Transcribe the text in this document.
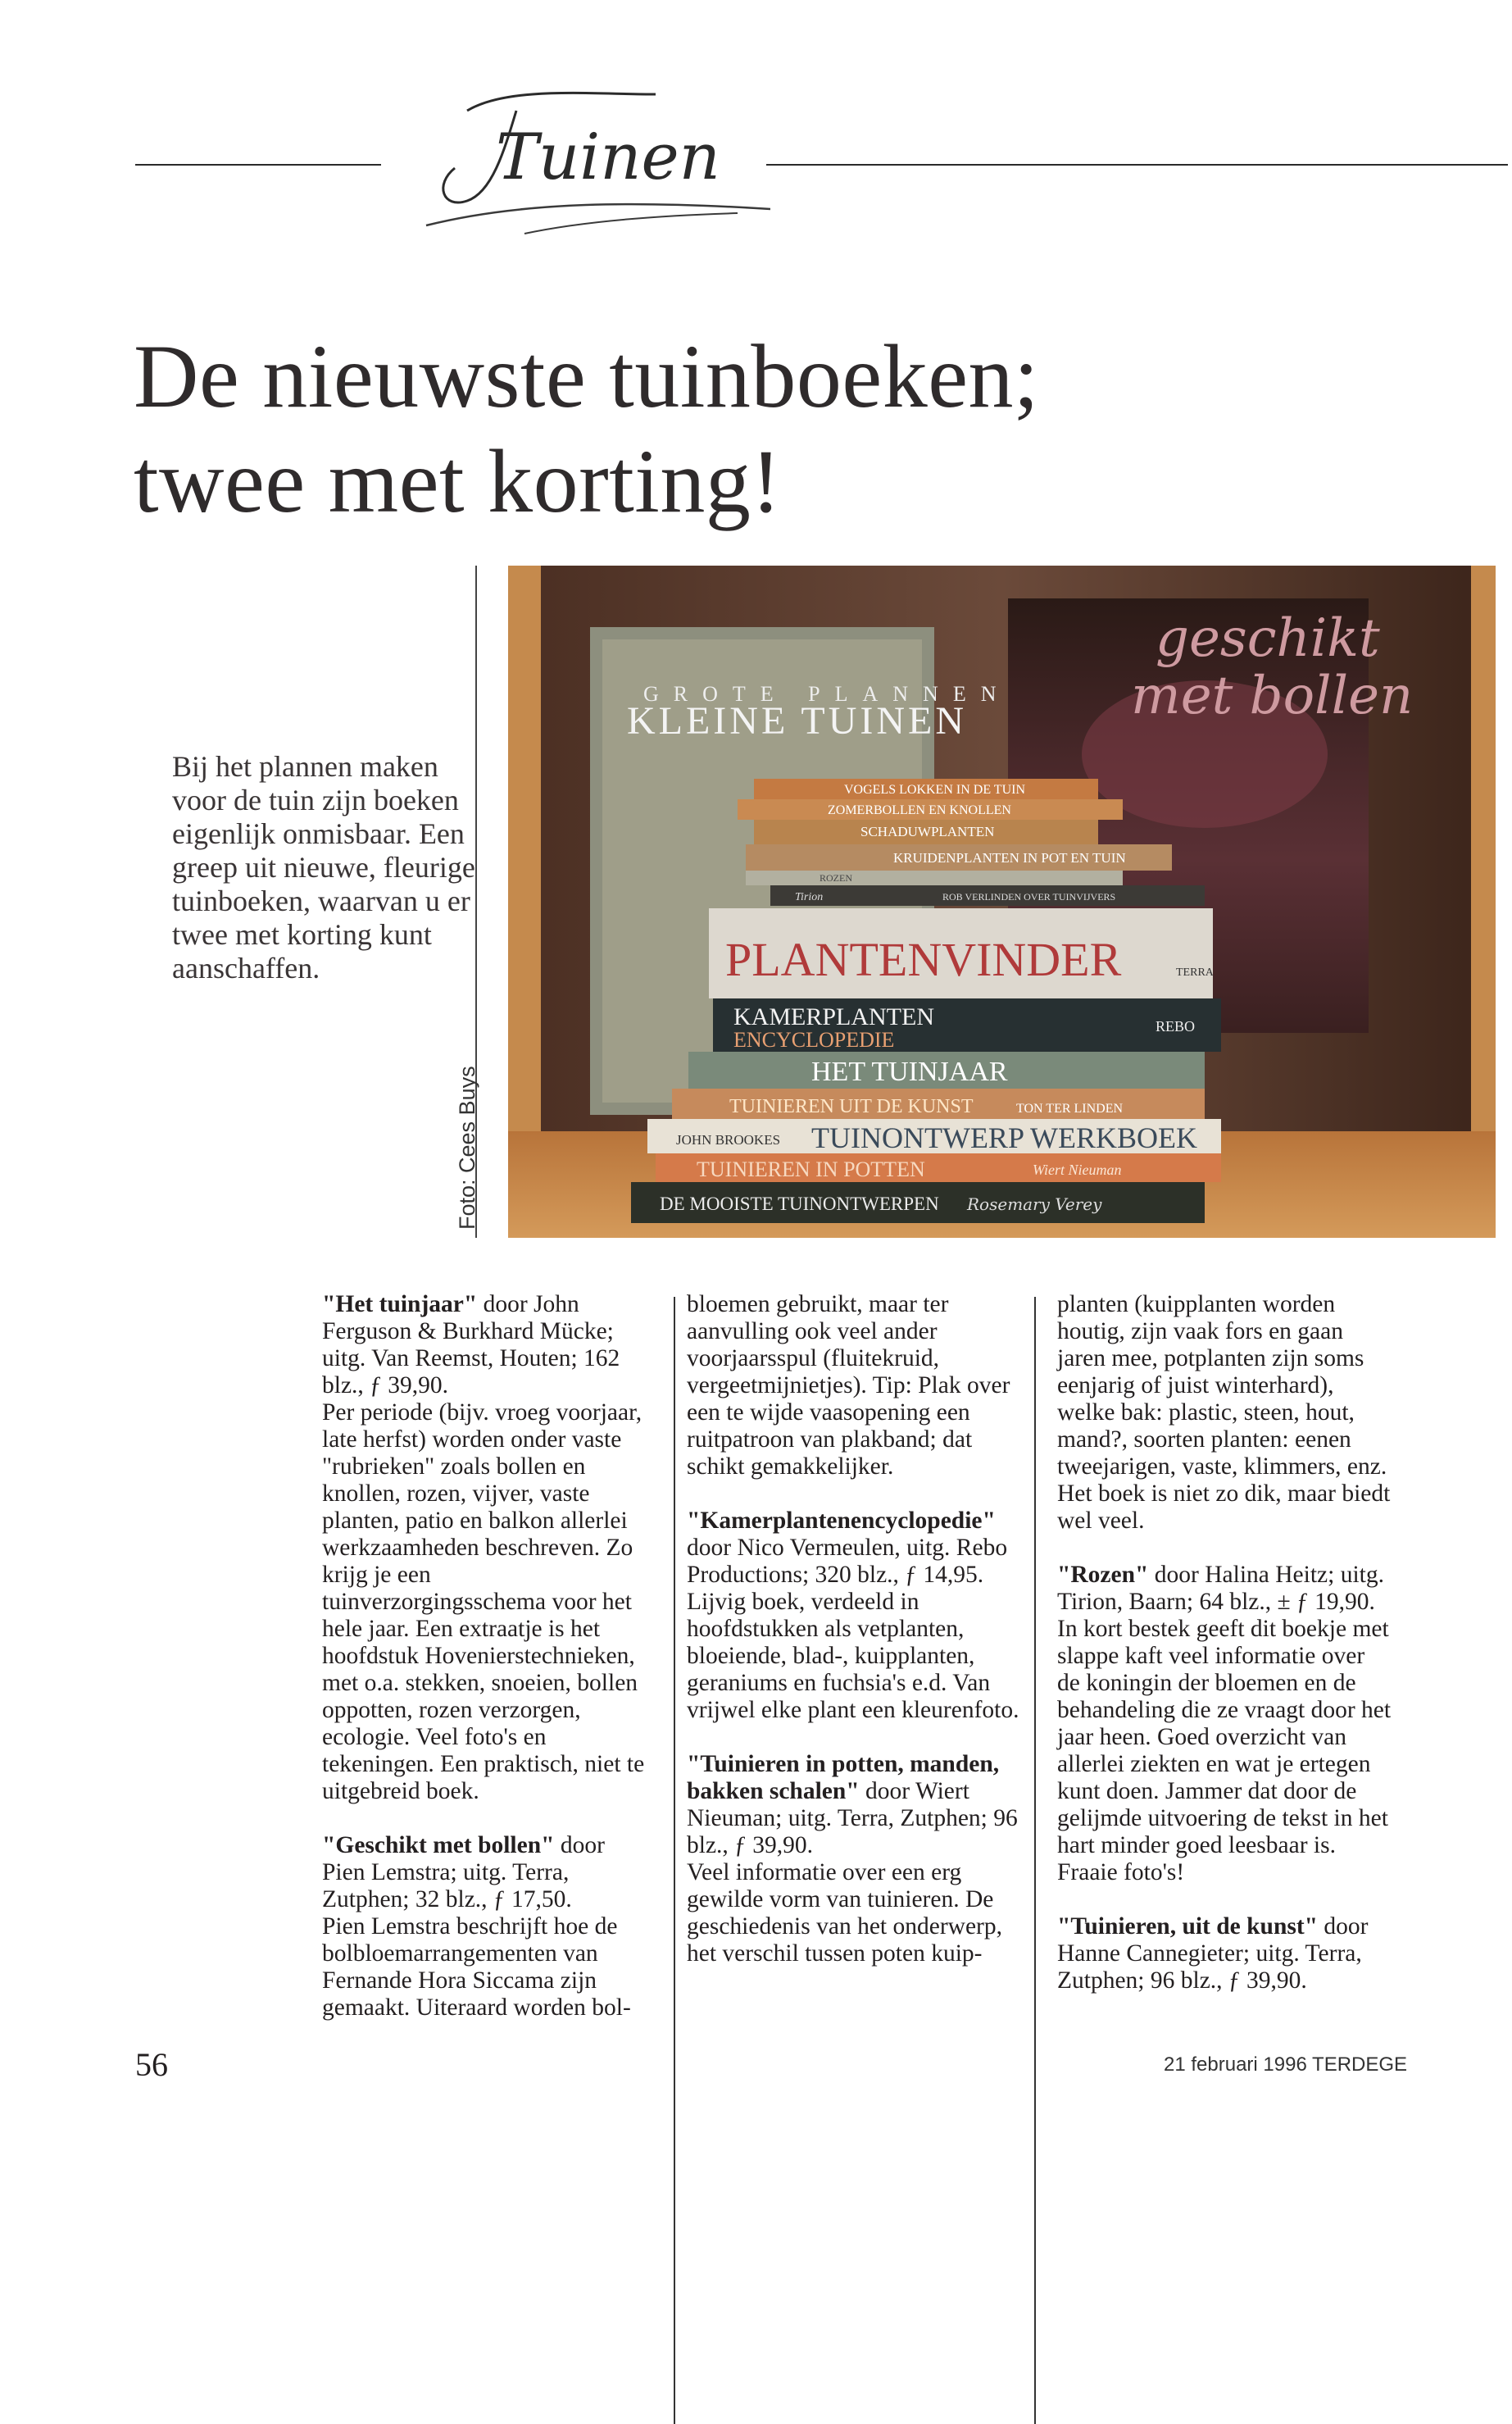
Tuinen
De nieuwste tuinboeken;
twee met korting!
Bij het plannen maken voor de tuin zijn boeken eigenlijk onmisbaar. Een greep uit nieuwe, fleurige tuinboeken, waarvan u er twee met korting kunt aanschaffen.
Foto: Cees Buys
GROTE PLANNEN
KLEINE TUINEN
geschikt
met bollen
VOGELS LOKKEN IN DE TUIN
ZOMERBOLLEN EN KNOLLEN
SCHADUWPLANTEN
KRUIDENPLANTEN IN POT EN TUIN
ROZEN
Tirion	ROB VERLINDEN OVER TUINVIJVERS
PLANTENVINDER	TERRA
KAMERPLANTEN
ENCYCLOPEDIE
REBO
HET TUINJAAR
TUINIEREN UIT DE KUNST	TON TER LINDEN
JOHN BROOKES TUINONTWERP WERKBOEK
TUINIEREN IN POTTEN	Wiert Nieuman
DE MOOISTE TUINONTWERPEN Rosemary Verey

"Het tuinjaar" door John Ferguson & Burkhard Mücke; uitg. Van Reemst, Houten; 162 blz., ƒ 39,90.

Per periode (bijv. vroeg voorjaar, late herfst) worden onder vaste "rubrieken" zoals bollen en knollen, rozen, vijver, vaste planten, patio en balkon allerlei werkzaamheden beschreven. Zo krijg je een tuinverzorgingsschema voor het hele jaar. Een extraatje is het hoofdstuk Hovenierstechnieken, met o.a. stekken, snoeien, bollen oppotten, rozen verzorgen, ecologie. Veel foto's en tekeningen. Een praktisch, niet te uitgebreid boek.

"Geschikt met bollen" door Pien Lemstra; uitg. Terra, Zutphen; 32 blz., ƒ 17,50.

Pien Lemstra beschrijft hoe de bolbloemarrangementen van Fernande Hora Siccama zijn gemaakt. Uiteraard worden bol-

bloemen gebruikt, maar ter aanvulling ook veel ander voorjaarsspul (fluitekruid, vergeetmijnietjes). Tip: Plak over een te wijde vaasopening een ruitpatroon van plakband; dat schikt gemakkelijker.

"Kamerplantenencyclopedie" door Nico Vermeulen, uitg. Rebo Productions; 320 blz., ƒ 14,95.

Lijvig boek, verdeeld in hoofdstukken als vetplanten, bloeiende, blad-, kuipplanten, geraniums en fuchsia's e.d. Van vrijwel elke plant een kleurenfoto.

"Tuinieren in potten, manden, bakken schalen" door Wiert Nieuman; uitg. Terra, Zutphen; 96 blz., ƒ 39,90.

Veel informatie over een erg gewilde vorm van tuinieren. De geschiedenis van het onderwerp, het verschil tussen poten kuip-

planten (kuipplanten worden houtig, zijn vaak fors en gaan jaren mee, potplanten zijn soms eenjarig of juist winterhard), welke bak: plastic, steen, hout, mand?, soorten planten: eenen tweejarigen, vaste, klimmers, enz. Het boek is niet zo dik, maar biedt wel veel.

"Rozen" door Halina Heitz; uitg. Tirion, Baarn; 64 blz., ± ƒ 19,90.

In kort bestek geeft dit boekje met slappe kaft veel informatie over de koningin der bloemen en de behandeling die ze vraagt door het jaar heen. Goed overzicht van allerlei ziekten en wat je ertegen kunt doen. Jammer dat door de gelijmde uitvoering de tekst in het hart minder goed leesbaar is. Fraaie foto's!

"Tuinieren, uit de kunst" door Hanne Cannegieter; uitg. Terra, Zutphen; 96 blz., ƒ 39,90.

56	21 februari 1996 TERDEGE
